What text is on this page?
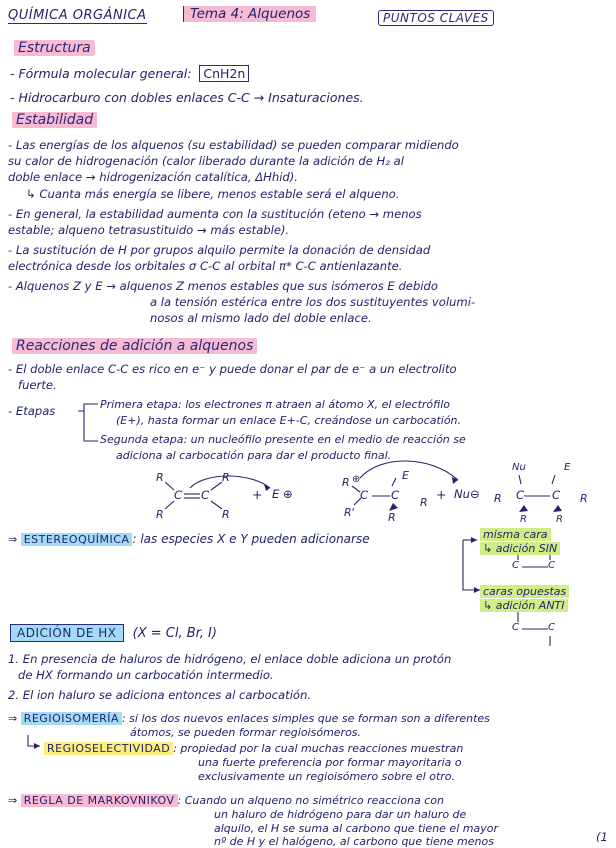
QUÍMICA ORGÁNICA	Tema 4: Alquenos	PUNTOS CLAVES
Estructura
- Fórmula molecular general: CnH2n
- Hidrocarburo con dobles enlaces C-C → Insaturaciones.
Estabilidad
- Las energías de los alquenos (su estabilidad) se pueden comparar midiendo
su calor de hidrogenación (calor liberado durante la adición de H₂ al
doble enlace → hidrogenización catalítica, ΔHhid).
↳ Cuanta más energía se libere, menos estable será el alqueno.
- En general, la estabilidad aumenta con la sustitución (eteno → menos
estable; alqueno tetrasustituido → más estable).
- La sustitución de H por grupos alquilo permite la donación de densidad
electrónica desde los orbitales σ C-C al orbital π* C-C antienlazante.
- Alquenos Z y E → alquenos Z menos estables que sus isómeros E debido
a la tensión estérica entre los dos sustituyentes volumi-
nosos al mismo lado del doble enlace.
Reacciones de adición a alquenos
- El doble enlace C-C es rico en e⁻ y puede donar el par de e⁻ a un electrolito
fuerte.
- Etapas	Primera etapa: los electrones π atraen al átomo X, el electrófilo
(E+), hasta formar un enlace E+-C, creándose un carbocatión.
Segunda etapa: un nucleófilo presente en el medio de reacción se
adiciona al carbocatión para dar el producto final.
R
R
C C
R
R
+ E ⊕
R ⊕
C
R'
C
E
R
R
+ Nu⊖
Nu	E
R C C R
R	R
⇒ ESTEREOQUÍMICA : las especies X e Y pueden adicionarse	misma cara
↳ adición SIN
C	C
caras opuestas
↳ adición ANTI
C	C
ADICIÓN DE HX (X = Cl, Br, I)
1. En presencia de haluros de hidrógeno, el enlace doble adiciona un protón
de HX formando un carbocatión intermedio.
2. El ion haluro se adiciona entonces al carbocatión.
⇒ REGIOISOMERÍA : si los dos nuevos enlaces simples que se forman son a diferentes
átomos, se pueden formar regioisómeros.
REGIOSELECTIVIDAD : propiedad por la cual muchas reacciones muestran
una fuerte preferencia por formar mayoritaria o
exclusivamente un regioisómero sobre el otro.
⇒ REGLA DE MARKOVNIKOV : Cuando un alqueno no simétrico reacciona con
un haluro de hidrógeno para dar un haluro de
alquilo, el H se suma al carbono que tiene el mayor
nº de H y el halógeno, al carbono que tiene menos	(1
